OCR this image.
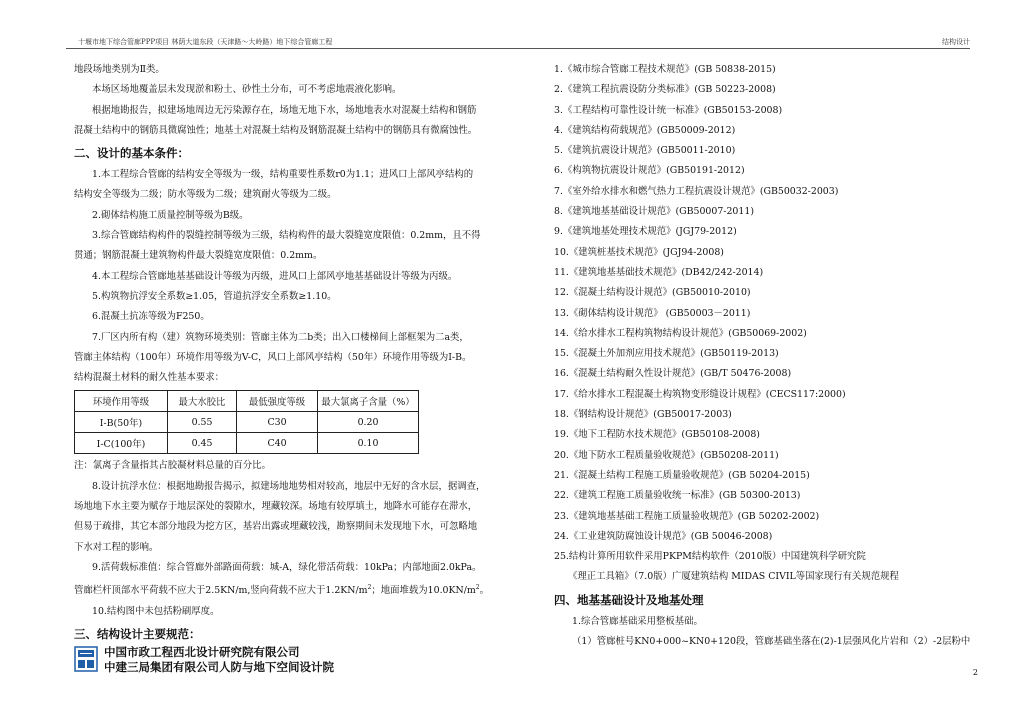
十堰市地下综合管廊PPP项目 林荫大道东段（天津路～大岭路）地下综合管廊工程	结构设计

地段场地类别为Ⅱ类。

本场区场地覆盖层未发现淤和粉土、砂性土分布，可不考虑地震液化影响。

根据地勘报告，拟建场地周边无污染源存在，场地无地下水，场地地表水对混凝土结构和钢筋

混凝土结构中的钢筋具微腐蚀性；地基土对混凝土结构及钢筋混凝土结构中的钢筋具有微腐蚀性。

二、设计的基本条件：

1.本工程综合管廊的结构安全等级为一级，结构重要性系数r0为1.1；进风口上部风亭结构的

结构安全等级为二级；防水等级为二级；建筑耐火等级为二级。

2.砌体结构施工质量控制等级为B级。

3.综合管廊结构构件的裂缝控制等级为三级，结构构件的最大裂缝宽度限值：0.2mm，且不得

贯通；钢筋混凝土建筑物构件最大裂缝宽度限值：0.2mm。

4.本工程综合管廊地基基础设计等级为丙级，进风口上部风亭地基基础设计等级为丙级。

5.构筑物抗浮安全系数≥1.05，管道抗浮安全系数≥1.10。

6.混凝土抗冻等级为F250。

7.厂区内所有构（建）筑物环境类别：管廊主体为二b类；出入口楼梯间上部框架为二a类，

管廊主体结构（100年）环境作用等级为V-C，风口上部风亭结构（50年）环境作用等级为I-B。

结构混凝土材料的耐久性基本要求：

环境作用等级	最大水胶比	最低强度等级	最大氯离子含量（%）
I-B(50年)	0.55	C30	0.20
I-C(100年)	0.45	C40	0.10

注：氯离子含量指其占胶凝材料总量的百分比。

8.设计抗浮水位：根据地勘报告揭示，拟建场地地势相对较高，地层中无好的含水层，据调查，

场地地下水主要为赋存于地层深处的裂隙水，埋藏较深。场地有较厚填土，地降水可能存在滞水，

但易于疏排，其它本部分地段为挖方区，基岩出露或埋藏较浅，勘察期间未发现地下水，可忽略地

下水对工程的影响。

9.活荷载标准值：综合管廊外部路面荷载：城-A，绿化带活荷载：10kPa；内部地面2.0kPa。

管廊栏杆顶部水平荷载不应大于2.5KN/m,竖向荷载不应大于$1.2KN/m^2$；地面堆载为$10.0KN/m^2$。

10.结构图中未包括粉刷厚度。

三、结构设计主要规范：

1.《城市综合管廊工程技术规范》(GB 50838-2015)

2.《建筑工程抗震设防分类标准》(GB 50223-2008)

3.《工程结构可靠性设计统一标准》(GB50153-2008)

4.《建筑结构荷载规范》(GB50009-2012)

5.《建筑抗震设计规范》(GB50011-2010)

6.《构筑物抗震设计规范》(GB50191-2012)

7.《室外给水排水和燃气热力工程抗震设计规范》(GB50032-2003)

8.《建筑地基基础设计规范》(GB50007-2011)

9.《建筑地基处理技术规范》(JGJ79-2012)

10.《建筑桩基技术规范》(JGJ94-2008)

11.《建筑地基基础技术规范》(DB42/242-2014)

12.《混凝土结构设计规范》(GB50010-2010)

13.《砌体结构设计规范》 (GB50003－2011)

14.《给水排水工程构筑物结构设计规范》(GB50069-2002)

15.《混凝土外加剂应用技术规范》(GB50119-2013)

16.《混凝土结构耐久性设计规范》(GB/T 50476-2008)

17.《给水排水工程混凝土构筑物变形缝设计规程》(CECS117:2000)

18.《钢结构设计规范》(GB50017-2003)

19.《地下工程防水技术规范》(GB50108-2008)

20.《地下防水工程质量验收规范》(GB50208-2011)

21.《混凝土结构工程施工质量验收规范》(GB 50204-2015)

22.《建筑工程施工质量验收统一标准》(GB 50300-2013)

23.《建筑地基基础工程施工质量验收规范》(GB 50202-2002)

24.《工业建筑防腐蚀设计规范》(GB 50046-2008)

25.结构计算所用软件采用PKPM结构软件（2010版）中国建筑科学研究院

《理正工具箱》（7.0版）广厦建筑结构 MIDAS CIVIL等国家现行有关规范规程

四、地基基础设计及地基处理

1.综合管廊基础采用整板基础。

（1）管廊桩号KN0+000~KN0+120段，管廊基础坐落在(2)-1层强风化片岩和（2）-2层粉中

中国市政工程西北设计研究院有限公司
中建三局集团有限公司人防与地下空间设计院	2
